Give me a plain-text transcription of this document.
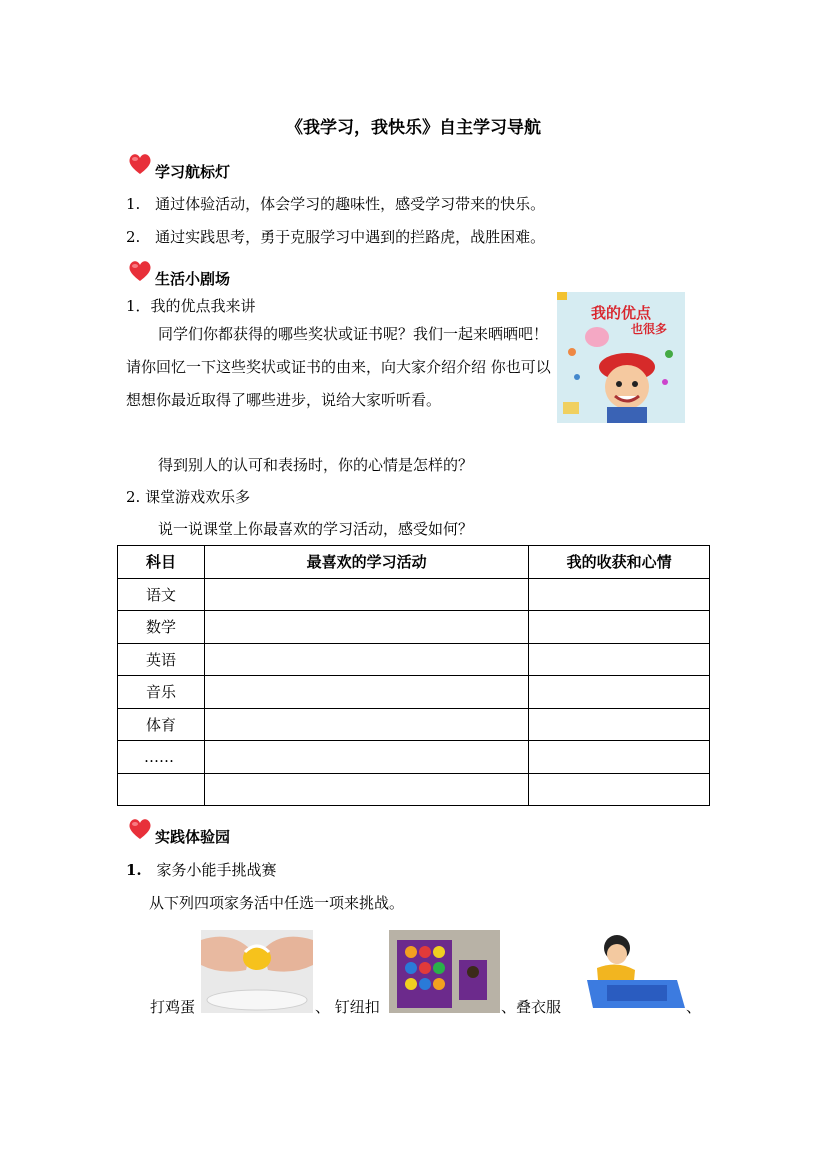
《我学习，我快乐》自主学习导航
学习航标灯
1. 通过体验活动，体会学习的趣味性，感受学习带来的快乐。
2. 通过实践思考，勇于克服学习中遇到的拦路虎，战胜困难。
生活小剧场
1．我的优点我来讲
同学们你都获得的哪些奖状或证书呢？我们一起来晒晒吧！请你回忆一下这些奖状或证书的由来，向大家介绍介绍 你也可以想想你最近取得了哪些进步，说给大家听听看。
我的优点
也很多
得到别人的认可和表扬时，你的心情是怎样的？
2. 课堂游戏欢乐多
说一说课堂上你最喜欢的学习活动，感受如何？
科目	最喜欢的学习活动	我的收获和心情
语文		
数学		
英语		
音乐		
体育		
……		

实践体验园
1. 家务小能手挑战赛
从下列四项家务活中任选一项来挑战。
打鸡蛋	、 钉纽扣	、叠衣服	、
